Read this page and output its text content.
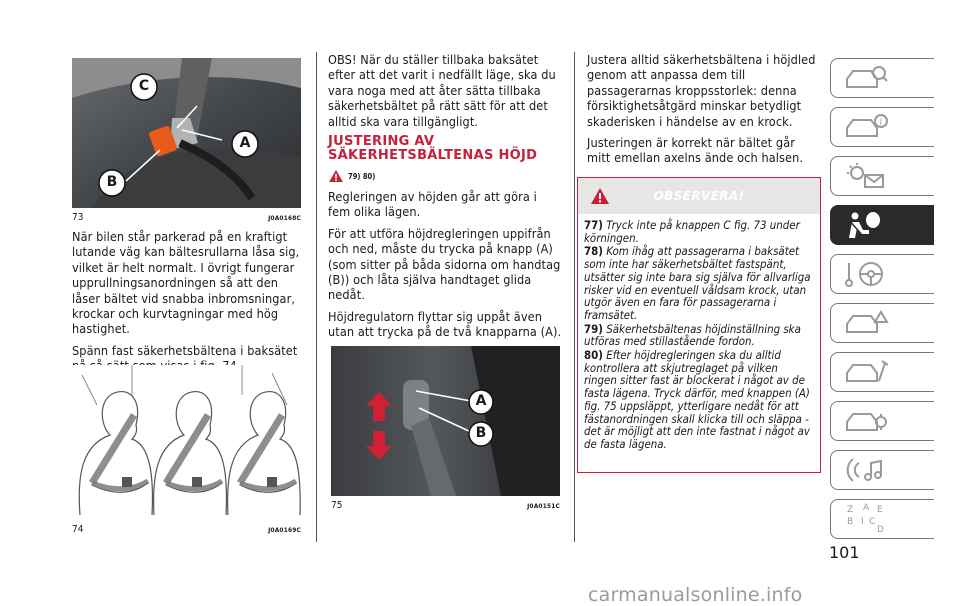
C
A
B
73	J0A0168C

När bilen står parkerad på en kraftigt lutande väg kan bältesrullarna låsa sig, vilket är helt normalt. I övrigt fungerar upprullningsanordningen så att den låser bältet vid snabba inbromsningar, krockar och kurvtagningar med hög hastighet.

Spänn fast säkerhetsbältena i baksätet

74	J0A0169C

OBS! När du ställer tillbaka baksätet efter att det varit i nedfällt läge, ska du vara noga med att åter sätta tillbaka säkerhetsbältet på rätt sätt för att det alltid ska vara tillgängligt.

JUSTERING AV
SÄKERHETSBÄLTENAS HÖJD
79) 80)

Regleringen av höjden går att göra i fem olika lägen.

För att utföra höjdregleringen uppifrån och ned, måste du trycka på knapp (A) (som sitter på båda sidorna om handtag (B)) och låta själva handtaget glida nedåt.

Höjdregulatorn flyttar sig uppåt även utan att trycka på de två knapparna (A).

A
B
75	J0A0151C

Justera alltid säkerhetsbältena i höjdled genom att anpassa dem till passagerarnas kroppsstorlek: denna försiktighetsåtgärd minskar betydligt skaderisken i händelse av en krock.

Justeringen är korrekt när bältet går mitt emellan axelns ände och halsen.

OBSERVERA!

77) Tryck inte på knappen C fig. 73 under körningen.

78) Kom ihåg att passagerarna i baksätet som inte har säkerhetsbältet fastspänt, utsätter sig inte bara sig själva för allvarliga risker vid en eventuell våldsam krock, utan utgör även en fara för passagerarna i framsätet.

79) Säkerhetsbältenas höjdinställning ska utföras med stillastående fordon.

80) Efter höjdregleringen ska du alltid kontrollera att skjutreglaget på vilken ringen sitter fast är blockerat i något av de fasta lägena. Tryck därför, med knappen (A) fig. 75 uppsläppt, ytterligare nedåt för att fästanordningen skall klicka till och släppa - det är möjligt att den inte fastnat i något av de fasta lägena.

i
Z A
B
E
I C
D
101
carmanualsonline.info
